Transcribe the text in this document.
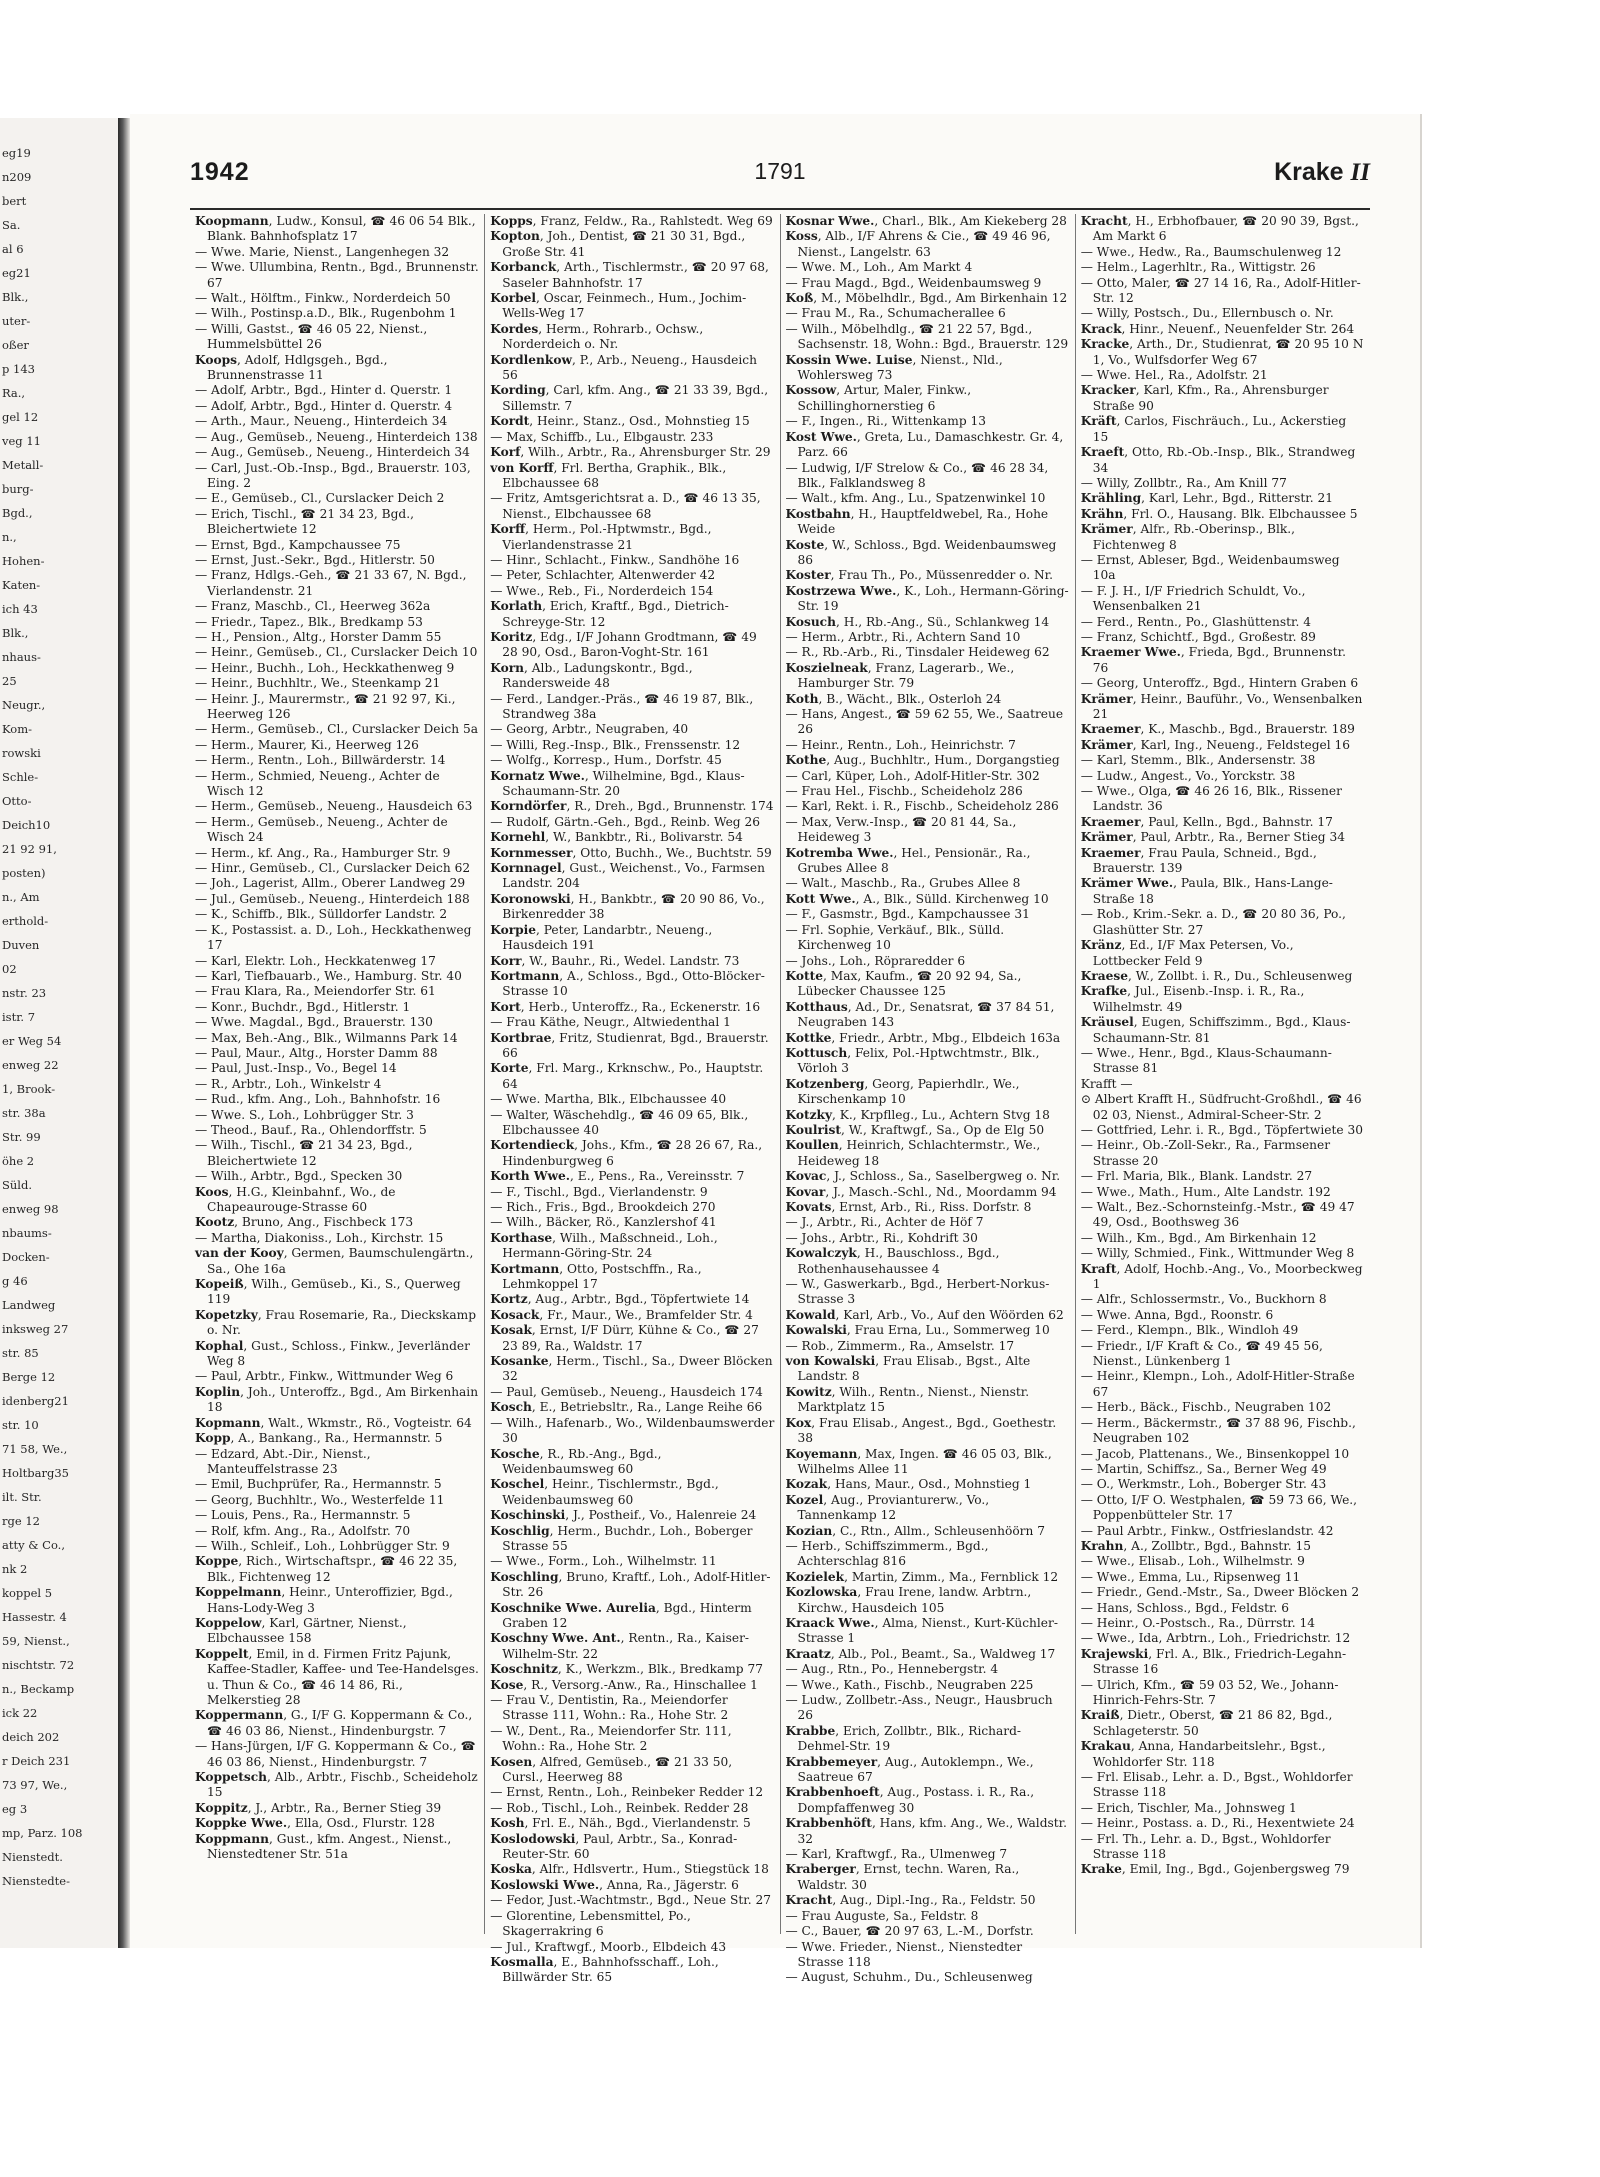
eg19
n209
bert
Sa.
al 6
eg21
Blk.,
uter-
oßer
p 143
Ra.,
gel 12
veg 11
Metall-
burg-
Bgd.,
n.,
Hohen-
Katen-
ich 43
Blk.,
nhaus-
25
Neugr.,
Kom-
rowski
Schle-
Otto-
Deich10
21 92 91,
posten)
n., Am
erthold-
Duven
02
nstr. 23
istr. 7
er Weg 54
enweg 22
1, Brook-
str. 38a
Str. 99
öhe 2
Süld.
enweg 98
nbaums-
Docken-
g 46
Landweg
inksweg 27
str. 85
Berge 12
idenberg21
str. 10
71 58, We.,
Holtbarg35
ilt. Str.
rge 12
atty & Co.,
nk 2
koppel 5
Hassestr. 4
59, Nienst.,
nischtstr. 72
n., Beckamp
ick 22
deich 202
r Deich 231
73 97, We.,
eg 3
mp, Parz. 108
Nienstedt.
Nienstedte-
1942	1791	Krake II

Koopmann, Ludw., Konsul, ☎ 46 06 54 Blk., Blank. Bahnhofsplatz 17

— Wwe. Marie, Nienst., Langenhegen 32

— Wwe. Ullumbina, Rentn., Bgd., Brunnenstr. 67

— Walt., Hölftm., Finkw., Norderdeich 50

— Wilh., Postinsp.a.D., Blk., Rugenbohm 1

— Willi, Gastst., ☎ 46 05 22, Nienst., Hummelsbüttel 26

Koops, Adolf, Hdlgsgeh., Bgd., Brunnenstrasse 11

— Adolf, Arbtr., Bgd., Hinter d. Querstr. 1

— Adolf, Arbtr., Bgd., Hinter d. Querstr. 4

— Arth., Maur., Neueng., Hinterdeich 34

— Aug., Gemüseb., Neueng., Hinterdeich 138

— Aug., Gemüseb., Neueng., Hinterdeich 34

— Carl, Just.-Ob.-Insp., Bgd., Brauerstr. 103, Eing. 2

— E., Gemüseb., Cl., Curslacker Deich 2

— Erich, Tischl., ☎ 21 34 23, Bgd., Bleichertwiete 12

— Ernst, Bgd., Kampchaussee 75

— Ernst, Just.-Sekr., Bgd., Hitlerstr. 50

— Franz, Hdlgs.-Geh., ☎ 21 33 67, N. Bgd., Vierlandenstr. 21

— Franz, Maschb., Cl., Heerweg 362a

— Friedr., Tapez., Blk., Bredkamp 53

— H., Pension., Altg., Horster Damm 55

— Heinr., Gemüseb., Cl., Curslacker Deich 10

— Heinr., Buchh., Loh., Heckkathenweg 9

— Heinr., Buchhltr., We., Steenkamp 21

— Heinr. J., Maurermstr., ☎ 21 92 97, Ki., Heerweg 126

— Herm., Gemüseb., Cl., Curslacker Deich 5a

— Herm., Maurer, Ki., Heerweg 126

— Herm., Rentn., Loh., Billwärderstr. 14

— Herm., Schmied, Neueng., Achter de Wisch 12

— Herm., Gemüseb., Neueng., Hausdeich 63

— Herm., Gemüseb., Neueng., Achter de Wisch 24

— Herm., kf. Ang., Ra., Hamburger Str. 9

— Hinr., Gemüseb., Cl., Curslacker Deich 62

— Joh., Lagerist, Allm., Oberer Landweg 29

— Jul., Gemüseb., Neueng., Hinterdeich 188

— K., Schiffb., Blk., Sülldorfer Landstr. 2

— K., Postassist. a. D., Loh., Heckkathenweg 17

— Karl, Elektr. Loh., Heckkatenweg 17

— Karl, Tiefbauarb., We., Hamburg. Str. 40

— Frau Klara, Ra., Meiendorfer Str. 61

— Konr., Buchdr., Bgd., Hitlerstr. 1

— Wwe. Magdal., Bgd., Brauerstr. 130

— Max, Beh.-Ang., Blk., Wilmanns Park 14

— Paul, Maur., Altg., Horster Damm 88

— Paul, Just.-Insp., Vo., Begel 14

— R., Arbtr., Loh., Winkelstr 4

— Rud., kfm. Ang., Loh., Bahnhofstr. 16

— Wwe. S., Loh., Lohbrügger Str. 3

— Theod., Bauf., Ra., Ohlendorffstr. 5

— Wilh., Tischl., ☎ 21 34 23, Bgd., Bleichertwiete 12

— Wilh., Arbtr., Bgd., Specken 30

Koos, H.G., Kleinbahnf., Wo., de Chapeaurouge-Strasse 60

Kootz, Bruno, Ang., Fischbeck 173

— Martha, Diakoniss., Loh., Kirchstr. 15

van der Kooy, Germen, Baumschulengärtn., Sa., Ohe 16a

Kopeiß, Wilh., Gemüseb., Ki., S., Querweg 119

Kopetzky, Frau Rosemarie, Ra., Dieckskamp o. Nr.

Kophal, Gust., Schloss., Finkw., Jeverländer Weg 8

— Paul, Arbtr., Finkw., Wittmunder Weg 6

Koplin, Joh., Unteroffz., Bgd., Am Birkenhain 18

Kopmann, Walt., Wkmstr., Rö., Vogteistr. 64

Kopp, A., Bankang., Ra., Hermannstr. 5

— Edzard, Abt.-Dir., Nienst., Manteuffelstrasse 23

— Emil, Buchprüfer, Ra., Hermannstr. 5

— Georg, Buchhltr., Wo., Westerfelde 11

— Louis, Pens., Ra., Hermannstr. 5

— Rolf, kfm. Ang., Ra., Adolfstr. 70

— Wilh., Schleif., Loh., Lohbrügger Str. 9

Koppe, Rich., Wirtschaftspr., ☎ 46 22 35, Blk., Fichtenweg 12

Koppelmann, Heinr., Unteroffizier, Bgd., Hans-Lody-Weg 3

Koppelow, Karl, Gärtner, Nienst., Elbchaussee 158

Koppelt, Emil, in d. Firmen Fritz Pajunk, Kaffee-Stadler, Kaffee- und Tee-Handelsges. u. Thun & Co., ☎ 46 14 86, Ri., Melkerstieg 28

Koppermann, G., I/F G. Koppermann & Co., ☎ 46 03 86, Nienst., Hindenburgstr. 7

— Hans-Jürgen, I/F G. Koppermann & Co., ☎ 46 03 86, Nienst., Hindenburgstr. 7

Koppetsch, Alb., Arbtr., Fischb., Scheideholz 15

Koppitz, J., Arbtr., Ra., Berner Stieg 39

Koppke Wwe., Ella, Osd., Flurstr. 128

Koppmann, Gust., kfm. Angest., Nienst., Nienstedtener Str. 51a

Kopps, Franz, Feldw., Ra., Rahlstedt. Weg 69

Kopton, Joh., Dentist, ☎ 21 30 31, Bgd., Große Str. 41

Korbanck, Arth., Tischlermstr., ☎ 20 97 68, Saseler Bahnhofstr. 17

Korbel, Oscar, Feinmech., Hum., Jochim-Wells-Weg 17

Kordes, Herm., Rohrarb., Ochsw., Norderdeich o. Nr.

Kordlenkow, P., Arb., Neueng., Hausdeich 56

Kording, Carl, kfm. Ang., ☎ 21 33 39, Bgd., Sillemstr. 7

Kordt, Heinr., Stanz., Osd., Mohnstieg 15

— Max, Schiffb., Lu., Elbgaustr. 233

Korf, Wilh., Arbtr., Ra., Ahrensburger Str. 29

von Korff, Frl. Bertha, Graphik., Blk., Elbchaussee 68

— Fritz, Amtsgerichtsrat a. D., ☎ 46 13 35, Nienst., Elbchaussee 68

Korff, Herm., Pol.-Hptwmstr., Bgd., Vierlandenstrasse 21

— Hinr., Schlacht., Finkw., Sandhöhe 16

— Peter, Schlachter, Altenwerder 42

— Wwe., Reb., Fi., Norderdeich 154

Korlath, Erich, Kraftf., Bgd., Dietrich-Schreyge-Str. 12

Koritz, Edg., I/F Johann Grodtmann, ☎ 49 28 90, Osd., Baron-Voght-Str. 161

Korn, Alb., Ladungskontr., Bgd., Randersweide 48

— Ferd., Landger.-Präs., ☎ 46 19 87, Blk., Strandweg 38a

— Georg, Arbtr., Neugraben, 40

— Willi, Reg.-Insp., Blk., Frenssenstr. 12

— Wolfg., Korresp., Hum., Dorfstr. 45

Kornatz Wwe., Wilhelmine, Bgd., Klaus-Schaumann-Str. 20

Korndörfer, R., Dreh., Bgd., Brunnenstr. 174

— Rudolf, Gärtn.-Geh., Bgd., Reinb. Weg 26

Kornehl, W., Bankbtr., Ri., Bolivarstr. 54

Kornmesser, Otto, Buchh., We., Buchtstr. 59

Kornnagel, Gust., Weichenst., Vo., Farmsen Landstr. 204

Koronowski, H., Bankbtr., ☎ 20 90 86, Vo., Birkenredder 38

Korpie, Peter, Landarbtr., Neueng., Hausdeich 191

Korr, W., Bauhr., Ri., Wedel. Landstr. 73

Kortmann, A., Schloss., Bgd., Otto-Blöcker-Strasse 10

Kort, Herb., Unteroffz., Ra., Eckenerstr. 16

— Frau Käthe, Neugr., Altwiedenthal 1

Kortbrae, Fritz, Studienrat, Bgd., Brauerstr. 66

Korte, Frl. Marg., Krknschw., Po., Hauptstr. 64

— Wwe. Martha, Blk., Elbchaussee 40

— Walter, Wäschehdlg., ☎ 46 09 65, Blk., Elbchaussee 40

Kortendieck, Johs., Kfm., ☎ 28 26 67, Ra., Hindenburgweg 6

Korth Wwe., E., Pens., Ra., Vereinsstr. 7

— F., Tischl., Bgd., Vierlandenstr. 9

— Rich., Fris., Bgd., Brookdeich 270

— Wilh., Bäcker, Rö., Kanzlershof 41

Korthase, Wilh., Maßschneid., Loh., Hermann-Göring-Str. 24

Kortmann, Otto, Postschffn., Ra., Lehmkoppel 17

Kortz, Aug., Arbtr., Bgd., Töpfertwiete 14

Kosack, Fr., Maur., We., Bramfelder Str. 4

Kosak, Ernst, I/F Dürr, Kühne & Co., ☎ 27 23 89, Ra., Waldstr. 17

Kosanke, Herm., Tischl., Sa., Dweer Blöcken 32

— Paul, Gemüseb., Neueng., Hausdeich 174

Kosch, E., Betriebsltr., Ra., Lange Reihe 66

— Wilh., Hafenarb., Wo., Wildenbaumswerder 30

Kosche, R., Rb.-Ang., Bgd., Weidenbaumsweg 60

Koschel, Heinr., Tischlermstr., Bgd., Weidenbaumsweg 60

Koschinski, J., Postheif., Vo., Halenreie 24

Koschlig, Herm., Buchdr., Loh., Boberger Strasse 55

— Wwe., Form., Loh., Wilhelmstr. 11

Koschling, Bruno, Kraftf., Loh., Adolf-Hitler-Str. 26

Koschnike Wwe. Aurelia, Bgd., Hinterm Graben 12

Koschny Wwe. Ant., Rentn., Ra., Kaiser-Wilhelm-Str. 22

Koschnitz, K., Werkzm., Blk., Bredkamp 77

Kose, R., Versorg.-Anw., Ra., Hinschallee 1

— Frau V., Dentistin, Ra., Meiendorfer Strasse 111, Wohn.: Ra., Hohe Str. 2

— W., Dent., Ra., Meiendorfer Str. 111, Wohn.: Ra., Hohe Str. 2

Kosen, Alfred, Gemüseb., ☎ 21 33 50, Cursl., Heerweg 88

— Ernst, Rentn., Loh., Reinbeker Redder 12

— Rob., Tischl., Loh., Reinbek. Redder 28

Kosh, Frl. E., Näh., Bgd., Vierlandenstr. 5

Koslodowski, Paul, Arbtr., Sa., Konrad-Reuter-Str. 60

Koska, Alfr., Hdlsvertr., Hum., Stiegstück 18

Koslowski Wwe., Anna, Ra., Jägerstr. 6

— Fedor, Just.-Wachtmstr., Bgd., Neue Str. 27

— Glorentine, Lebensmittel, Po., Skagerrakring 6

— Jul., Kraftwgf., Moorb., Elbdeich 43

Kosmalla, E., Bahnhofsschaff., Loh., Billwärder Str. 65

Kosnar Wwe., Charl., Blk., Am Kiekeberg 28

Koss, Alb., I/F Ahrens & Cie., ☎ 49 46 96, Nienst., Langelstr. 63

— Wwe. M., Loh., Am Markt 4

— Frau Magd., Bgd., Weidenbaumsweg 9

Koß, M., Möbelhdlr., Bgd., Am Birkenhain 12

— Frau M., Ra., Schumacherallee 6

— Wilh., Möbelhdlg., ☎ 21 22 57, Bgd., Sachsenstr. 18, Wohn.: Bgd., Brauerstr. 129

Kossin Wwe. Luise, Nienst., Nld., Wohlersweg 73

Kossow, Artur, Maler, Finkw., Schillinghornerstieg 6

— F., Ingen., Ri., Wittenkamp 13

Kost Wwe., Greta, Lu., Damaschkestr. Gr. 4, Parz. 66

— Ludwig, I/F Strelow & Co., ☎ 46 28 34, Blk., Falklandsweg 8

— Walt., kfm. Ang., Lu., Spatzenwinkel 10

Kostbahn, H., Hauptfeldwebel, Ra., Hohe Weide

Koste, W., Schloss., Bgd. Weidenbaumsweg 86

Koster, Frau Th., Po., Müssenredder o. Nr.

Kostrzewa Wwe., K., Loh., Hermann-Göring-Str. 19

Kosuch, H., Rb.-Ang., Sü., Schlankweg 14

— Herm., Arbtr., Ri., Achtern Sand 10

— R., Rb.-Arb., Ri., Tinsdaler Heideweg 62

Koszielneak, Franz, Lagerarb., We., Hamburger Str. 79

Koth, B., Wächt., Blk., Osterloh 24

— Hans, Angest., ☎ 59 62 55, We., Saatreue 26

— Heinr., Rentn., Loh., Heinrichstr. 7

Kothe, Aug., Buchhltr., Hum., Dorgangstieg

— Carl, Küper, Loh., Adolf-Hitler-Str. 302

— Frau Hel., Fischb., Scheideholz 286

— Karl, Rekt. i. R., Fischb., Scheideholz 286

— Max, Verw.-Insp., ☎ 20 81 44, Sa., Heideweg 3

Kotremba Wwe., Hel., Pensionär., Ra., Grubes Allee 8

— Walt., Maschb., Ra., Grubes Allee 8

Kott Wwe., A., Blk., Sülld. Kirchenweg 10

— F., Gasmstr., Bgd., Kampchaussee 31

— Frl. Sophie, Verkäuf., Blk., Sülld. Kirchenweg 10

— Johs., Loh., Röpraredder 6

Kotte, Max, Kaufm., ☎ 20 92 94, Sa., Lübecker Chaussee 125

Kotthaus, Ad., Dr., Senatsrat, ☎ 37 84 51, Neugraben 143

Kottke, Friedr., Arbtr., Mbg., Elbdeich 163a

Kottusch, Felix, Pol.-Hptwchtmstr., Blk., Vörloh 3

Kotzenberg, Georg, Papierhdlr., We., Kirschenkamp 10

Kotzky, K., Krpflleg., Lu., Achtern Stvg 18

Koulrist, W., Kraftwgf., Sa., Op de Elg 50

Koullen, Heinrich, Schlachtermstr., We., Heideweg 18

Kovac, J., Schloss., Sa., Saselbergweg o. Nr.

Kovar, J., Masch.-Schl., Nd., Moordamm 94

Kovats, Ernst, Arb., Ri., Riss. Dorfstr. 8

— J., Arbtr., Ri., Achter de Höf 7

— Johs., Arbtr., Ri., Kohdrift 30

Kowalczyk, H., Bauschloss., Bgd., Rothenhausehaussee 4

— W., Gaswerkarb., Bgd., Herbert-Norkus-Strasse 3

Kowald, Karl, Arb., Vo., Auf den Wöörden 62

Kowalski, Frau Erna, Lu., Sommerweg 10

— Rob., Zimmerm., Ra., Amselstr. 17

von Kowalski, Frau Elisab., Bgst., Alte Landstr. 8

Kowitz, Wilh., Rentn., Nienst., Nienstr. Marktplatz 15

Kox, Frau Elisab., Angest., Bgd., Goethestr. 38

Koyemann, Max, Ingen. ☎ 46 05 03, Blk., Wilhelms Allee 11

Kozak, Hans, Maur., Osd., Mohnstieg 1

Kozel, Aug., Provianturerw., Vo., Tannenkamp 12

Kozian, C., Rtn., Allm., Schleusenhöörn 7

— Herb., Schiffszimmerm., Bgd., Achterschlag 816

Kozielek, Martin, Zimm., Ma., Fernblick 12

Kozlowska, Frau Irene, landw. Arbtrn., Kirchw., Hausdeich 105

Kraack Wwe., Alma, Nienst., Kurt-Küchler-Strasse 1

Kraatz, Alb., Pol., Beamt., Sa., Waldweg 17

— Aug., Rtn., Po., Hennebergstr. 4

— Wwe., Kath., Fischb., Neugraben 225

— Ludw., Zollbetr.-Ass., Neugr., Hausbruch 26

Krabbe, Erich, Zollbtr., Blk., Richard-Dehmel-Str. 19

Krabbemeyer, Aug., Autoklempn., We., Saatreue 67

Krabbenhoeft, Aug., Postass. i. R., Ra., Dompfaffenweg 30

Krabbenhöft, Hans, kfm. Ang., We., Waldstr. 32

— Karl, Kraftwgf., Ra., Ulmenweg 7

Kraberger, Ernst, techn. Waren, Ra., Waldstr. 30

Kracht, Aug., Dipl.-Ing., Ra., Feldstr. 50

— Frau Auguste, Sa., Feldstr. 8

— C., Bauer, ☎ 20 97 63, L.-M., Dorfstr.

— Wwe. Frieder., Nienst., Nienstedter Strasse 118

— August, Schuhm., Du., Schleusenweg

Kracht, H., Erbhofbauer, ☎ 20 90 39, Bgst., Am Markt 6

— Wwe., Hedw., Ra., Baumschulenweg 12

— Helm., Lagerhltr., Ra., Wittigstr. 26

— Otto, Maler, ☎ 27 14 16, Ra., Adolf-Hitler-Str. 12

— Willy, Postsch., Du., Ellernbusch o. Nr.

Krack, Hinr., Neuenf., Neuenfelder Str. 264

Kracke, Arth., Dr., Studienrat, ☎ 20 95 10 N 1, Vo., Wulfsdorfer Weg 67

— Wwe. Hel., Ra., Adolfstr. 21

Kracker, Karl, Kfm., Ra., Ahrensburger Straße 90

Kräft, Carlos, Fischräuch., Lu., Ackerstieg 15

Kraeft, Otto, Rb.-Ob.-Insp., Blk., Strandweg 34

— Willy, Zollbtr., Ra., Am Knill 77

Krähling, Karl, Lehr., Bgd., Ritterstr. 21

Krähn, Frl. O., Hausang. Blk. Elbchaussee 5

Krämer, Alfr., Rb.-Oberinsp., Blk., Fichtenweg 8

— Ernst, Ableser, Bgd., Weidenbaumsweg 10a

— F. J. H., I/F Friedrich Schuldt, Vo., Wensenbalken 21

— Ferd., Rentn., Po., Glashüttenstr. 4

— Franz, Schichtf., Bgd., Großestr. 89

Kraemer Wwe., Frieda, Bgd., Brunnenstr. 76

— Georg, Unteroffz., Bgd., Hintern Graben 6

Krämer, Heinr., Bauführ., Vo., Wensenbalken 21

Kraemer, K., Maschb., Bgd., Brauerstr. 189

Krämer, Karl, Ing., Neueng., Feldstegel 16

— Karl, Stemm., Blk., Andersenstr. 38

— Ludw., Angest., Vo., Yorckstr. 38

— Wwe., Olga, ☎ 46 26 16, Blk., Rissener Landstr. 36

Kraemer, Paul, Kelln., Bgd., Bahnstr. 17

Krämer, Paul, Arbtr., Ra., Berner Stieg 34

Kraemer, Frau Paula, Schneid., Bgd., Brauerstr. 139

Krämer Wwe., Paula, Blk., Hans-Lange-Straße 18

— Rob., Krim.-Sekr. a. D., ☎ 20 80 36, Po., Glashütter Str. 27

Kränz, Ed., I/F Max Petersen, Vo., Lottbecker Feld 9

Kraese, W., Zollbt. i. R., Du., Schleusenweg

Krafke, Jul., Eisenb.-Insp. i. R., Ra., Wilhelmstr. 49

Kräusel, Eugen, Schiffszimm., Bgd., Klaus-Schaumann-Str. 81

— Wwe., Henr., Bgd., Klaus-Schaumann-Strasse 81

Krafft —

⊙ Albert Krafft H., Südfrucht-Großhdl., ☎ 46 02 03, Nienst., Admiral-Scheer-Str. 2

— Gottfried, Lehr. i. R., Bgd., Töpfertwiete 30

— Heinr., Ob.-Zoll-Sekr., Ra., Farmsener Strasse 20

— Frl. Maria, Blk., Blank. Landstr. 27

— Wwe., Math., Hum., Alte Landstr. 192

— Walt., Bez.-Schornsteinfg.-Mstr., ☎ 49 47 49, Osd., Boothsweg 36

— Wilh., Km., Bgd., Am Birkenhain 12

— Willy, Schmied., Fink., Wittmunder Weg 8

Kraft, Adolf, Hochb.-Ang., Vo., Moorbeckweg 1

— Alfr., Schlossermstr., Vo., Buckhorn 8

— Wwe. Anna, Bgd., Roonstr. 6

— Ferd., Klempn., Blk., Windloh 49

— Friedr., I/F Kraft & Co., ☎ 49 45 56, Nienst., Lünkenberg 1

— Heinr., Klempn., Loh., Adolf-Hitler-Straße 67

— Herb., Bäck., Fischb., Neugraben 102

— Herm., Bäckermstr., ☎ 37 88 96, Fischb., Neugraben 102

— Jacob, Plattenans., We., Binsenkoppel 10

— Martin, Schiffsz., Sa., Berner Weg 49

— O., Werkmstr., Loh., Boberger Str. 43

— Otto, I/F O. Westphalen, ☎ 59 73 66, We., Poppenbütteler Str. 17

— Paul Arbtr., Finkw., Ostfrieslandstr. 42

Krahn, A., Zollbtr., Bgd., Bahnstr. 15

— Wwe., Elisab., Loh., Wilhelmstr. 9

— Wwe., Emma, Lu., Ripsenweg 11

— Friedr., Gend.-Mstr., Sa., Dweer Blöcken 2

— Hans, Schloss., Bgd., Feldstr. 6

— Heinr., O.-Postsch., Ra., Dürrstr. 14

— Wwe., Ida, Arbtrn., Loh., Friedrichstr. 12

Krajewski, Frl. A., Blk., Friedrich-Legahn-Strasse 16

— Ulrich, Kfm., ☎ 59 03 52, We., Johann-Hinrich-Fehrs-Str. 7

Kraiß, Dietr., Oberst, ☎ 21 86 82, Bgd., Schlageterstr. 50

Krakau, Anna, Handarbeitslehr., Bgst., Wohldorfer Str. 118

— Frl. Elisab., Lehr. a. D., Bgst., Wohldorfer Strasse 118

— Erich, Tischler, Ma., Johnsweg 1

— Heinr., Postass. a. D., Ri., Hexentwiete 24

— Frl. Th., Lehr. a. D., Bgst., Wohldorfer Strasse 118

Krake, Emil, Ing., Bgd., Gojenbergsweg 79
